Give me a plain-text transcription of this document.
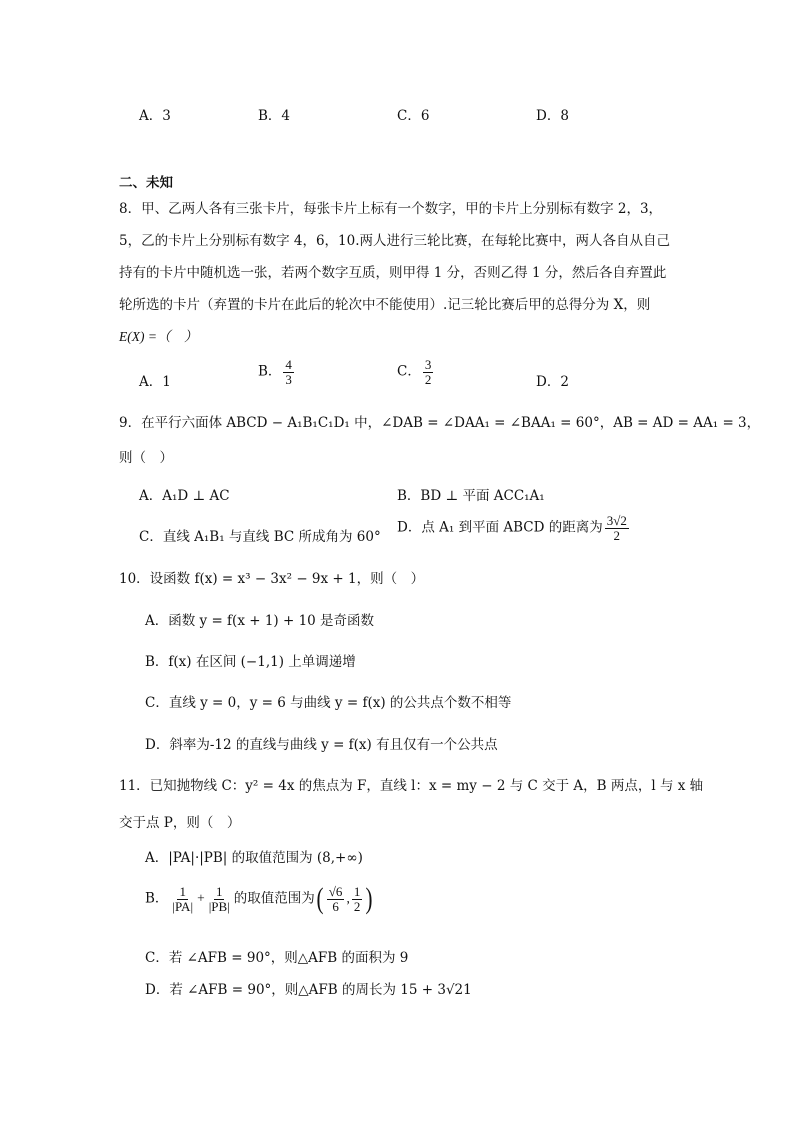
A．3	B．4	C．6	D．8
二、未知
8．甲、乙两人各有三张卡片，每张卡片上标有一个数字，甲的卡片上分别标有数字 2，3，
5，乙的卡片上分别标有数字 4，6，10.两人进行三轮比赛，在每轮比赛中，两人各自从自己
持有的卡片中随机选一张，若两个数字互质，则甲得 1 分，否则乙得 1 分，然后各自弃置此
轮所选的卡片（弃置的卡片在此后的轮次中不能使用）.记三轮比赛后甲的总得分为 X，则
E(X) =（　）
A．1
B． $\frac{4}{3}$	C． $\frac{3}{2}$	D．2
9．在平行六面体 ABCD − A₁B₁C₁D₁ 中，∠DAB = ∠DAA₁ = ∠BAA₁ = 60°，AB = AD = AA₁ = 3，
则（　）
A．A₁D ⊥ AC	B．BD ⊥ 平面 ACC₁A₁
C．直线 A₁B₁ 与直线 BC 所成角为 60°
D．点 A₁ 到平面 ABCD 的距离为 $\frac{3√2}{2}$
10．设函数 f(x) = x³ − 3x² − 9x + 1，则（　）
A．函数 y = f(x + 1) + 10 是奇函数
B．f(x) 在区间 (−1,1) 上单调递增
C．直线 y = 0，y = 6 与曲线 y = f(x) 的公共点个数不相等
D．斜率为-12 的直线与曲线 y = f(x) 有且仅有一个公共点
11．已知抛物线 C：y² = 4x 的焦点为 F，直线 l：x = my − 2 与 C 交于 A，B 两点，l 与 x 轴
交于点 P，则（　）
A．|PA|·|PB| 的取值范围为 (8,+∞)
B． $\frac{1}{|PA|} + \frac{1}{|PB|}$ 的取值范围为( $\frac{√6}{6}$ , $\frac{1}{2}$ )
C．若 ∠AFB = 90°，则△AFB 的面积为 9
D．若 ∠AFB = 90°，则△AFB 的周长为 15 + 3√21
